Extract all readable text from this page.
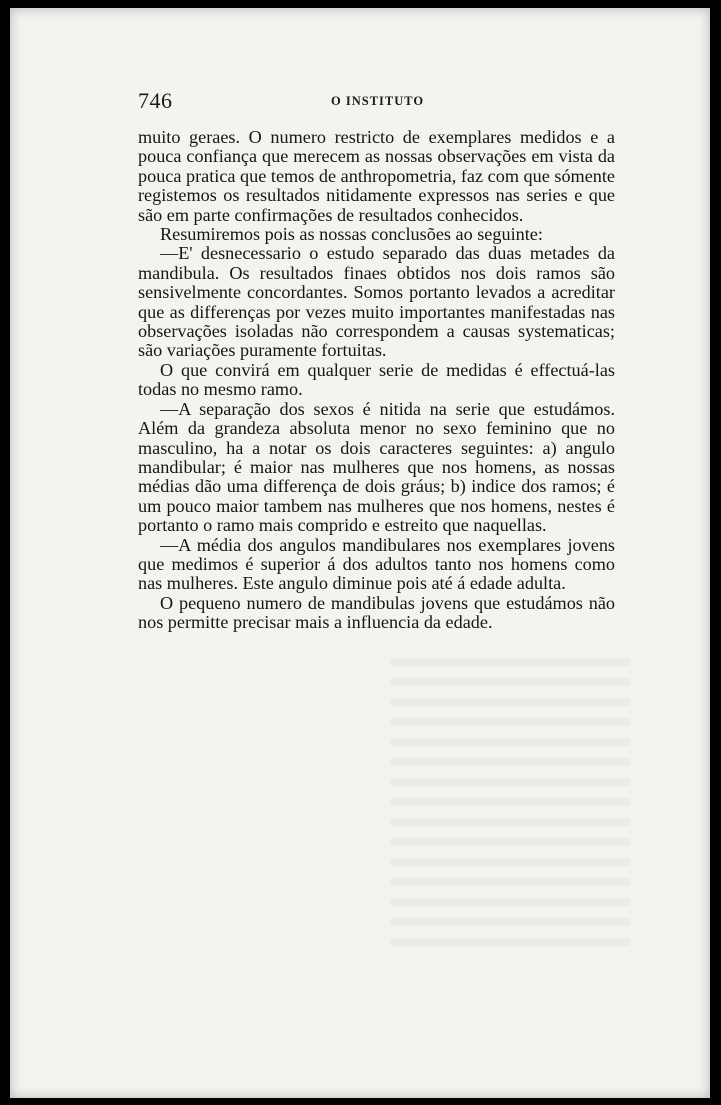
746	O INSTITUTO

muito geraes. O numero restricto de exemplares medidos e a pouca confiança que merecem as nossas observações em vista da pouca pratica que temos de anthropometria, faz com que sómente registemos os resultados nitidamente expressos nas series e que são em parte confirmações de resultados conhecidos.

Resumiremos pois as nossas conclusões ao seguinte:

—E' desnecessario o estudo separado das duas metades da mandibula. Os resultados finaes obtidos nos dois ramos são sensivelmente concordantes. Somos portanto levados a acreditar que as differenças por vezes muito importantes manifestadas nas observações isoladas não correspondem a causas systematicas; são variações puramente fortuitas.

O que convirá em qualquer serie de medidas é effectuá-las todas no mesmo ramo.

—A separação dos sexos é nitida na serie que estudámos. Além da grandeza absoluta menor no sexo feminino que no masculino, ha a notar os dois caracteres seguintes: a) angulo mandibular; é maior nas mulheres que nos homens, as nossas médias dão uma differença de dois gráus; b) indice dos ramos; é um pouco maior tambem nas mulheres que nos homens, nestes é portanto o ramo mais comprido e estreito que naquellas.

—A média dos angulos mandibulares nos exemplares jovens que medimos é superior á dos adultos tanto nos homens como nas mulheres. Este angulo diminue pois até á edade adulta.

O pequeno numero de mandibulas jovens que estudámos não nos permitte precisar mais a influencia da edade.
